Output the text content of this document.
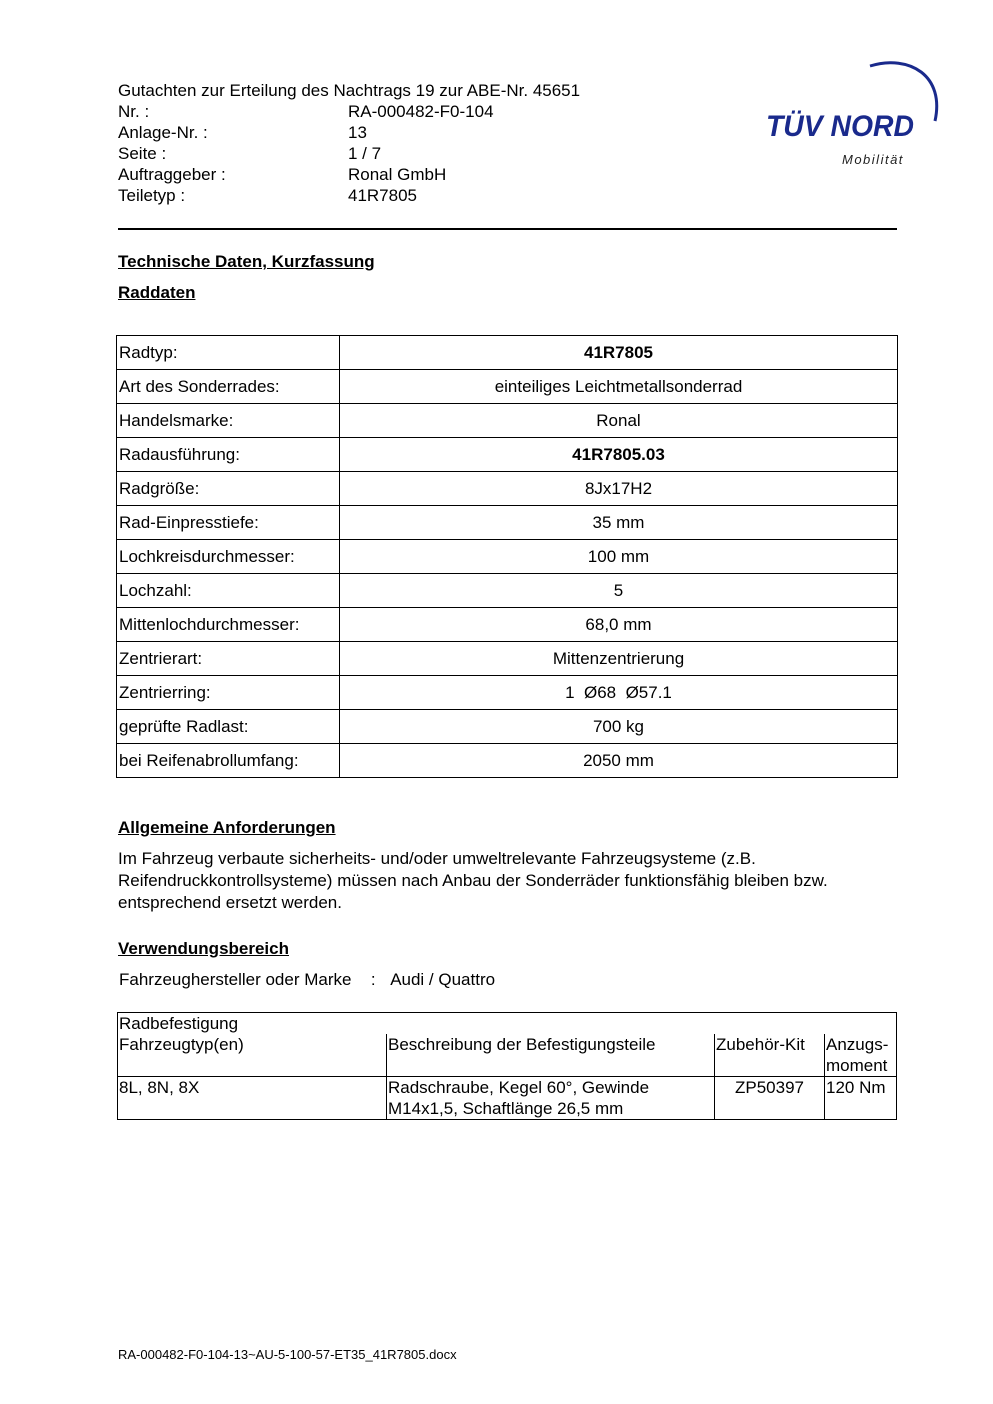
Gutachten zur Erteilung des Nachtrags 19 zur ABE-Nr. 45651
Nr. :	RA-000482-F0-104
Anlage-Nr. :	13
Seite :	1 / 7
Auftraggeber :	Ronal GmbH
Teiletyp :	41R7805
TÜV NORD
Mobilität
Technische Daten, Kurzfassung
Raddaten
Radtyp:	41R7805
Art des Sonderrades:	einteiliges Leichtmetallsonderrad
Handelsmarke:	Ronal
Radausführung:	41R7805.03
Radgröße:	8Jx17H2
Rad-Einpresstiefe:	35 mm
Lochkreisdurchmesser:	100 mm
Lochzahl:	5
Mittenlochdurchmesser:	68,0 mm
Zentrierart:	Mittenzentrierung
Zentrierring:	1  Ø68  Ø57.1
geprüfte Radlast:	700 kg
bei Reifenabrollumfang:	2050 mm
Allgemeine Anforderungen
Im Fahrzeug verbaute sicherheits- und/oder umweltrelevante Fahrzeugsysteme (z.B. Reifendruckkontrollsysteme) müssen nach Anbau der Sonderräder funktionsfähig bleiben bzw. entsprechend ersetzt werden.
Verwendungsbereich
Fahrzeughersteller oder Marke : Audi / Quattro
Radbefestigung			
Fahrzeugtyp(en)	Beschreibung der Befestigungsteile	Zubehör-Kit	Anzugs-
moment
8L, 8N, 8X	Radschraube, Kegel 60°, Gewinde M14x1,5, Schaftlänge 26,5 mm	ZP50397	120 Nm
RA-000482-F0-104-13~AU-5-100-57-ET35_41R7805.docx
